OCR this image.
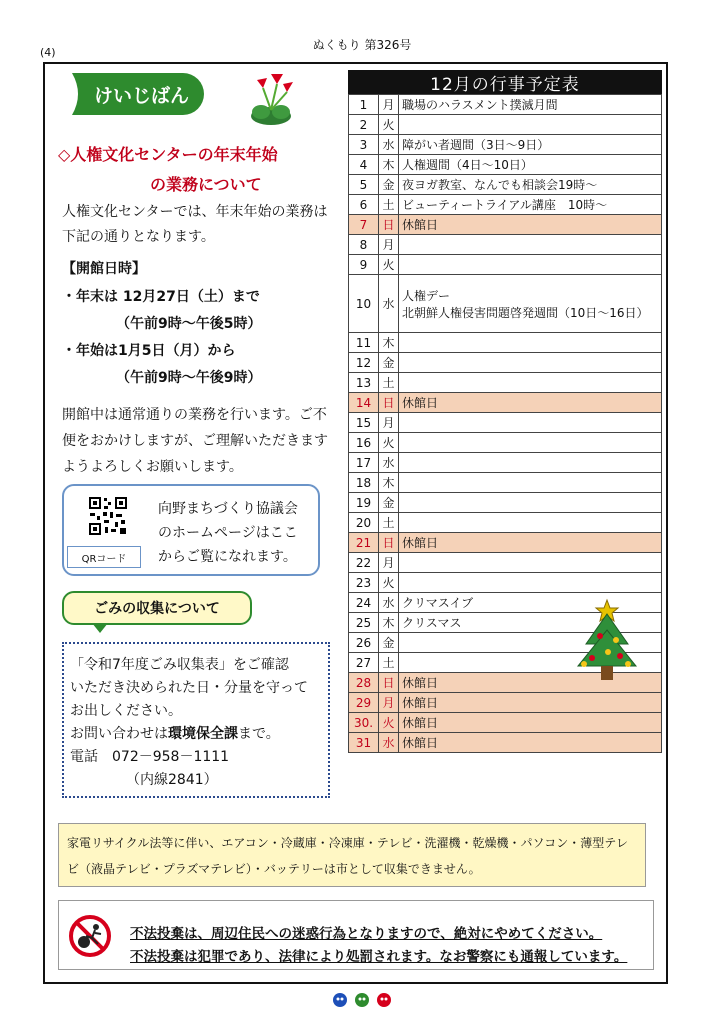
ぬくもり 第326号
(4)
けいじばん
◇人権文化センターの年末年始
の業務について
人権文化センターでは、年末年始の業務は下記の通りとなります。
【開館日時】
・年末は 12月27日（土）まで
（午前9時～午後5時）
・年始は1月5日（月）から
（午前9時～午後9時）
開館中は通常通りの業務を行います。ご不便をおかけしますが、ご理解いただきますようよろしくお願いします。
QRコード
向野まちづくり協議会
のホームページはここ
からご覧になれます。
ごみの収集について
「令和7年度ごみ収集表」をご確認
いただき決められた日・分量を守って
お出しください。
お問い合わせは環境保全課まで。
電話　072－958－1111
（内線2841）
12月の行事予定表
1	月	職場のハラスメント撲滅月間
2	火	
3	水	障がい者週間（3日～9日）
4	木	人権週間（4日～10日）
5	金	夜ヨガ教室、なんでも相談会19時～
6	土	ビューティートライアル講座　10時～
7	日	休館日
8	月	
9	火	
10	水	人権デー
北朝鮮人権侵害問題啓発週間（10日～16日）
11	木	
12	金	
13	土	
14	日	休館日
15	月	
16	火	
17	水	
18	木	
19	金	
20	土	
21	日	休館日
22	月	
23	火	
24	水	クリマスイブ
25	木	クリスマス
26	金	
27	土	
28	日	休館日
29	月	休館日
30.	火	休館日
31	水	休館日
家電リサイクル法等に伴い、エアコン・冷蔵庫・冷凍庫・テレビ・洗濯機・乾燥機・パソコン・薄型テレビ（液晶テレビ・プラズマテレビ）・バッテリーは市として収集できません。
不法投棄は、周辺住民への迷惑行為となりますので、絶対にやめてください。
不法投棄は犯罪であり、法律により処罰されます。なお警察にも通報しています。
